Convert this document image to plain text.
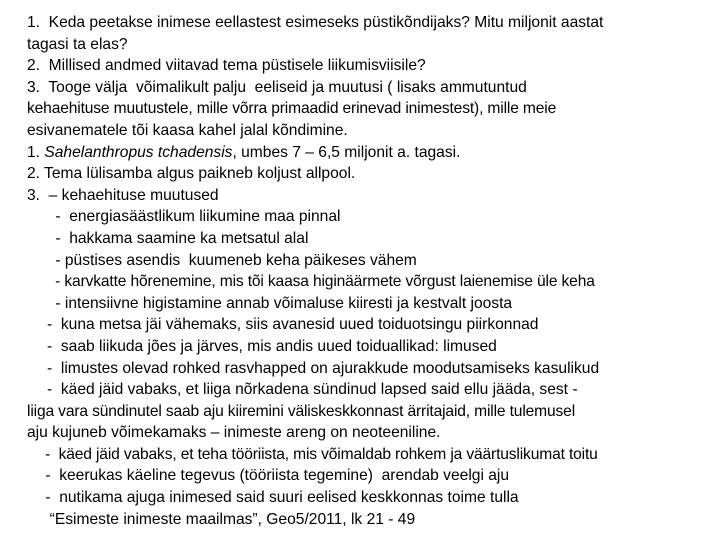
1.  Keda peetakse inimese eellastest esimeseks püstikõndijaks? Mitu miljonit aastat

tagasi ta elas?

2.  Millised andmed viitavad tema püstisele liikumisviisile?

3.  Tooge välja  võimalikult palju  eeliseid ja muutusi ( lisaks ammutuntud

kehaehituse muutustele, mille võrra primaadid erinevad inimestest), mille meie

esivanematele tõi kaasa kahel jalal kõndimine.

1. Sahelanthropus tchadensis, umbes 7 – 6,5 miljonit a. tagasi.

2. Tema lülisamba algus paikneb koljust allpool.

3.  – kehaehituse muutused

-  energiasäästlikum liikumine maa pinnal

-  hakkama saamine ka metsatul alal

- püstises asendis  kuumeneb keha päikeses vähem

- karvkatte hõrenemine, mis tõi kaasa higinäärmete võrgust laienemise üle keha

- intensiivne higistamine annab võimaluse kiiresti ja kestvalt joosta

-  kuna metsa jäi vähemaks, siis avanesid uued toiduotsingu piirkonnad

-  saab liikuda jões ja järves, mis andis uued toiduallikad: limused

-  limustes olevad rohked rasvhapped on ajurakkude moodutsamiseks kasulikud

-  käed jäid vabaks, et liiga nõrkadena sündinud lapsed said ellu jääda, sest -

liiga vara sündinutel saab aju kiiremini väliskeskkonnast ärritajaid, mille tulemusel

aju kujuneb võimekamaks – inimeste areng on neoteeniline.

-  käed jäid vabaks, et teha tööriista, mis võimaldab rohkem ja väärtuslikumat toitu

-  keerukas käeline tegevus (tööriista tegemine)  arendab veelgi aju

-  nutikama ajuga inimesed said suuri eelised keskkonnas toime tulla

“Esimeste inimeste maailmas”, Geo5/2011, lk 21 - 49
